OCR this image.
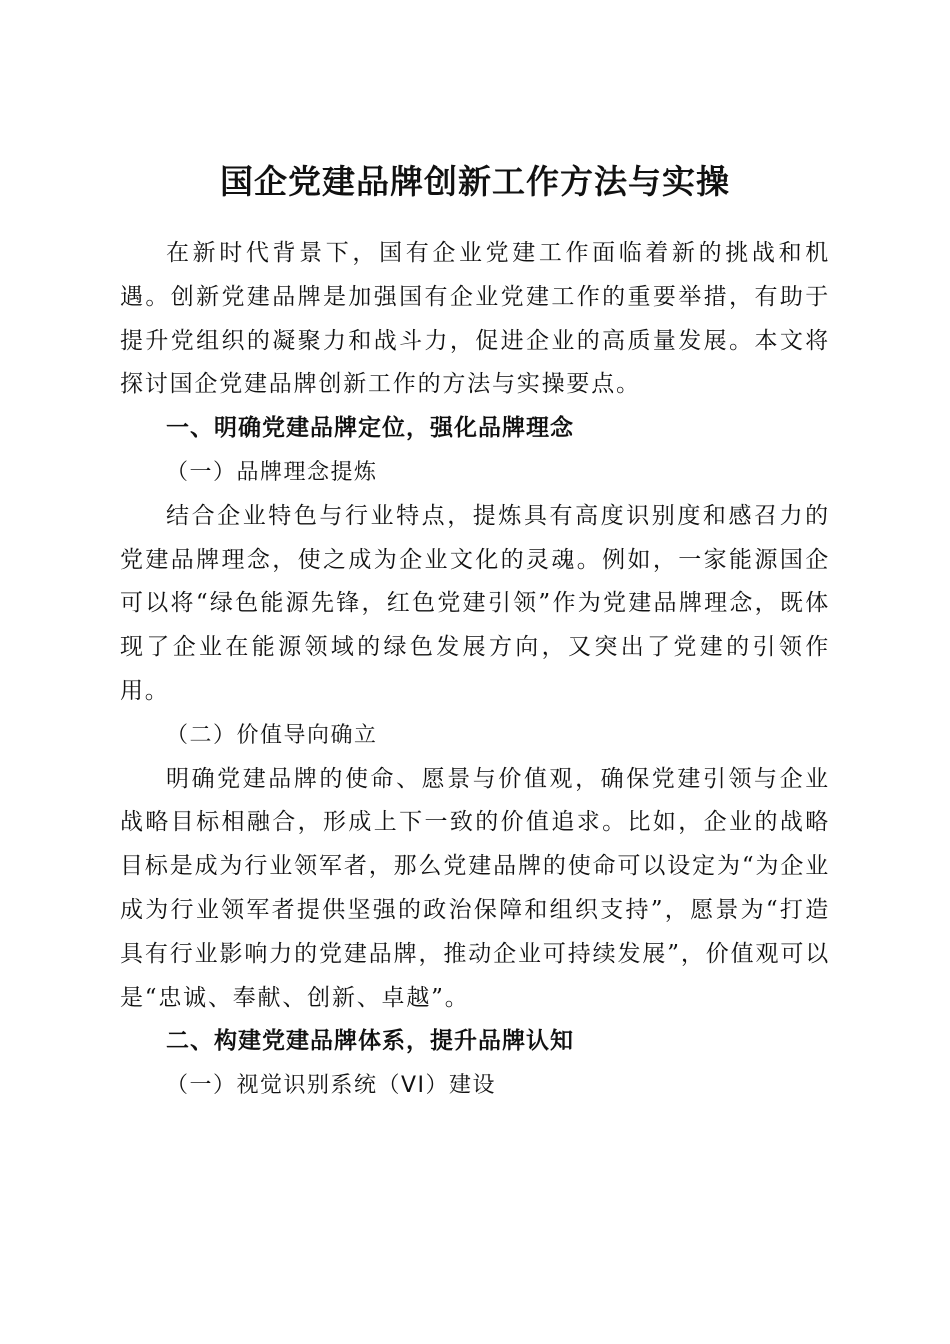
国企党建品牌创新工作方法与实操

在新时代背景下，国有企业党建工作面临着新的挑战和机遇。创新党建品牌是加强国有企业党建工作的重要举措，有助于提升党组织的凝聚力和战斗力，促进企业的高质量发展。本文将探讨国企党建品牌创新工作的方法与实操要点。

一、明确党建品牌定位，强化品牌理念

（一）品牌理念提炼

结合企业特色与行业特点，提炼具有高度识别度和感召力的党建品牌理念，使之成为企业文化的灵魂。例如，一家能源国企可以将“绿色能源先锋，红色党建引领”作为党建品牌理念，既体现了企业在能源领域的绿色发展方向，又突出了党建的引领作用。

（二）价值导向确立

明确党建品牌的使命、愿景与价值观，确保党建引领与企业战略目标相融合，形成上下一致的价值追求。比如，企业的战略目标是成为行业领军者，那么党建品牌的使命可以设定为“为企业成为行业领军者提供坚强的政治保障和组织支持”，愿景为“打造具有行业影响力的党建品牌，推动企业可持续发展”，价值观可以是“忠诚、奉献、创新、卓越”。

二、构建党建品牌体系，提升品牌认知

（一）视觉识别系统（VI）建设
